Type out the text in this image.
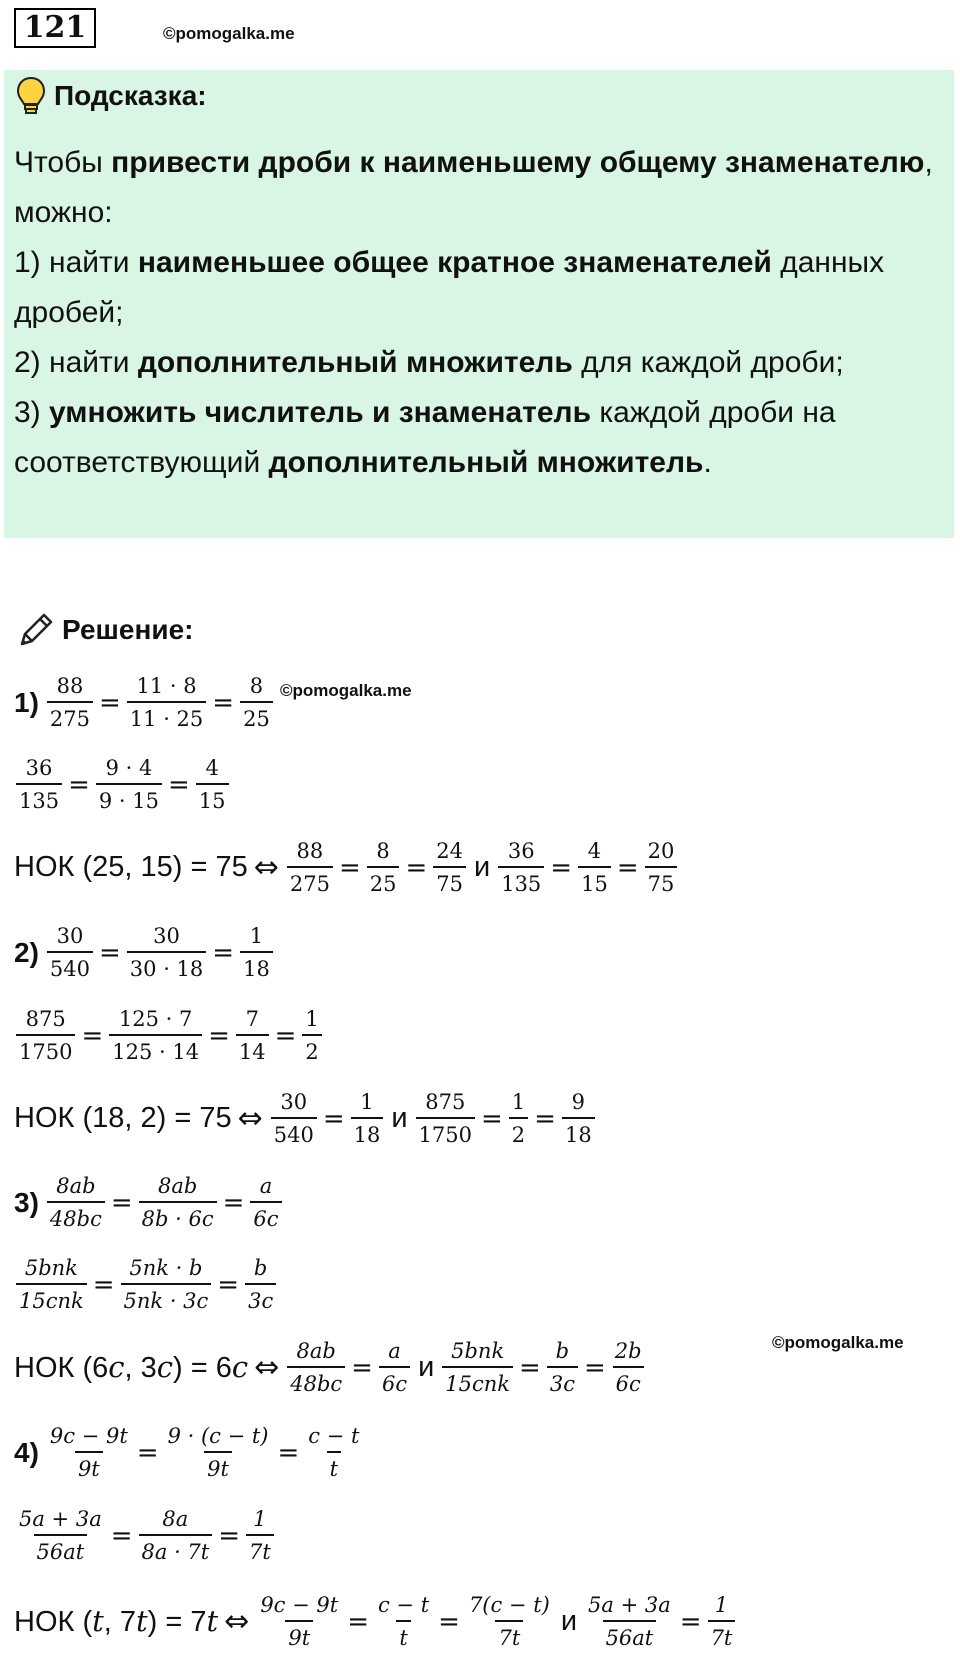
121	©pomogalka.me
Подсказка:

Чтобы привести дроби к наименьшему общему знаменателю, можно:

1) найти наименьшее общее кратное знаменателей данных дробей;

2) найти дополнительный множитель для каждой дроби;

3) умножить числитель и знаменатель каждой дроби на соответствующий дополнительный множитель.

Решение:
©pomogalka.me
©pomogalka.me
$1) \frac{88}{275} = \frac{11 \cdot 8}{11 \cdot 25} = \frac{8}{25}$
$\frac{36}{135} = \frac{9 \cdot 4}{9 \cdot 15} = \frac{4}{15}$
НОК (25, 15) = 75 ⇔ $\frac{88}{275} = \frac{8}{25} = \frac{24}{75}$ и $\frac{36}{135} = \frac{4}{15} = \frac{20}{75}$
$2) \frac{30}{540} = \frac{30}{30 \cdot 18} = \frac{1}{18}$
$\frac{875}{1750} = \frac{125 \cdot 7}{125 \cdot 14} = \frac{7}{14} = \frac{1}{2}$
НОК (18, 2) = 75 ⇔ $\frac{30}{540} = \frac{1}{18}$ и $\frac{875}{1750} = \frac{1}{2} = \frac{9}{18}$
$3) \frac{8ab}{48bc} = \frac{8ab}{8b \cdot 6c} = \frac{a}{6c}$
$\frac{\text{5bnk}}{\text{15cnk}} = \frac{5nk \cdot b}{5nk \cdot 3c} = \frac{b}{3c}$
НОК (6c, 3c) = 6c ⇔ $\frac{8ab}{48bc} = \frac{a}{6c}$ и $\frac{\text{5bnk}}{\text{15cnk}} = \frac{b}{3c} = \frac{2b}{6c}$
$4) \frac{9c - 9t}{9t} = \frac{9 \cdot (c - t)}{9t} = \frac{c - t}{t}$
$\frac{5a + 3a}{56at} = \frac{8a}{8a \cdot 7t} = \frac{1}{7t}$
НОК (t, 7t) = 7t ⇔ $\frac{9c - 9t}{9t} = \frac{c - t}{t} = \frac{7(c - t)}{7t}$ и $\frac{5a + 3a}{56at} = \frac{1}{7t}$
